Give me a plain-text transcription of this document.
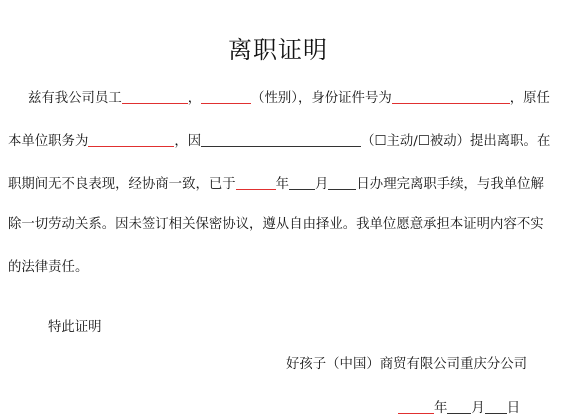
离职证明
兹有我公司员工	，	（性别），身份证件号为	，原任
本单位职务为	，因	（☐主动/☐被动）提出离职。在
职期间无不良表现，经协商一致，已于	年 月 日办理完离职手续，与我单位解
除一切劳动关系。因未签订相关保密协议，遵从自由择业。我单位愿意承担本证明内容不实
的法律责任。
特此证明
好孩子（中国）商贸有限公司重庆分公司
年 月 日
